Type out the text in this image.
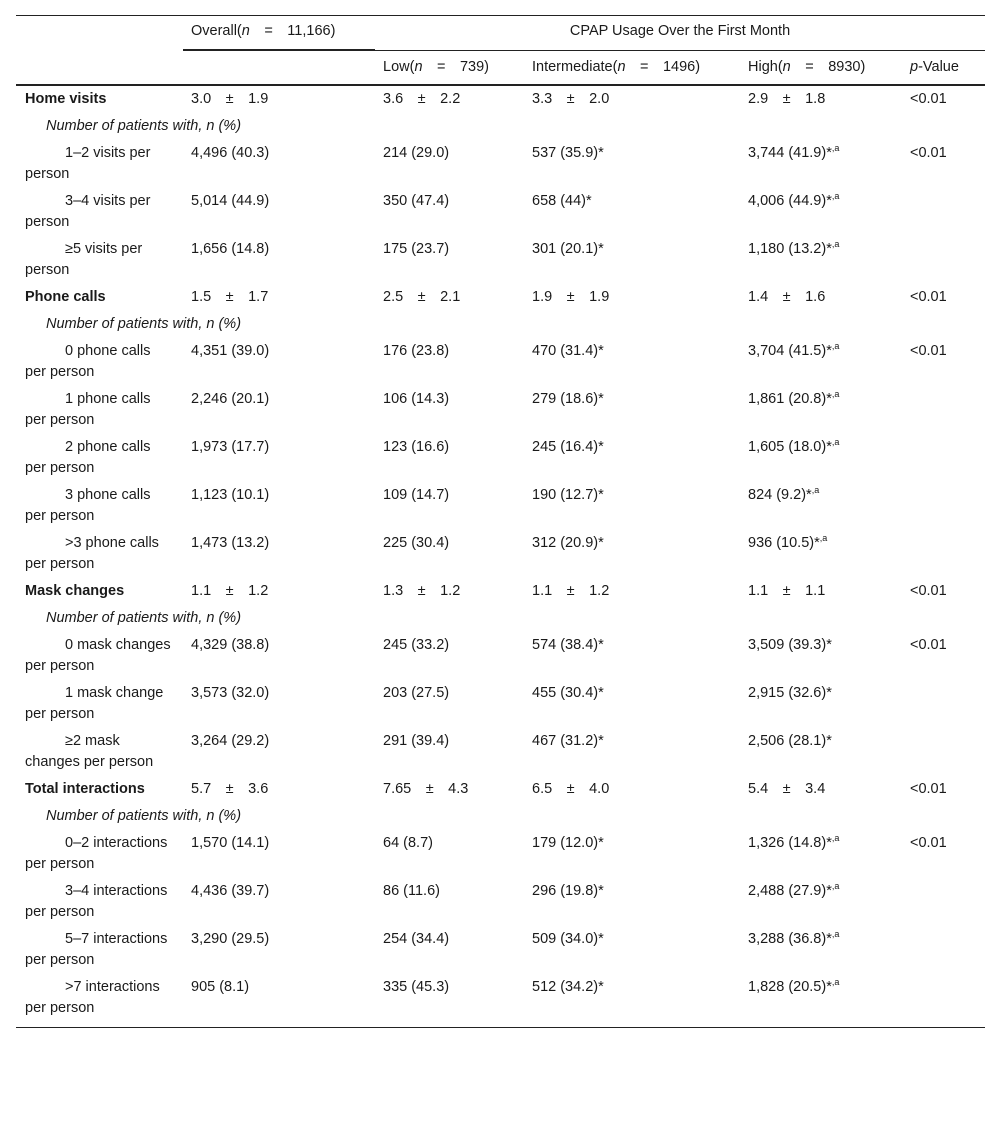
	Overall(n = 11,166)	CPAP Usage Over the First Month			
		Low(n = 739)	Intermediate(n = 1496)	High(n = 8930)	p-Value
Home visits	3.0 ± 1.9	3.6 ± 2.2	3.3 ± 2.0	2.9 ± 1.8	<0.01
Number of patients with, n (%)					
1–2 visits per person	4,496 (40.3)	214 (29.0)	537 (35.9)*	3,744 (41.9)*$^{,a}$	<0.01
3–4 visits per person	5,014 (44.9)	350 (47.4)	658 (44)*	4,006 (44.9)*$^{,a}$	
≥5 visits per person	1,656 (14.8)	175 (23.7)	301 (20.1)*	1,180 (13.2)*$^{,a}$	
Phone calls	1.5 ± 1.7	2.5 ± 2.1	1.9 ± 1.9	1.4 ± 1.6	<0.01
Number of patients with, n (%)					
0 phone calls per person	4,351 (39.0)	176 (23.8)	470 (31.4)*	3,704 (41.5)*$^{,a}$	<0.01
1 phone calls per person	2,246 (20.1)	106 (14.3)	279 (18.6)*	1,861 (20.8)*$^{,a}$	
2 phone calls per person	1,973 (17.7)	123 (16.6)	245 (16.4)*	1,605 (18.0)*$^{,a}$	
3 phone calls per person	1,123 (10.1)	109 (14.7)	190 (12.7)*	824 (9.2)*$^{,a}$	
>3 phone calls per person	1,473 (13.2)	225 (30.4)	312 (20.9)*	936 (10.5)*$^{,a}$	
Mask changes	1.1 ± 1.2	1.3 ± 1.2	1.1 ± 1.2	1.1 ± 1.1	<0.01
Number of patients with, n (%)					
0 mask changes per person	4,329 (38.8)	245 (33.2)	574 (38.4)*	3,509 (39.3)*	<0.01
1 mask change per person	3,573 (32.0)	203 (27.5)	455 (30.4)*	2,915 (32.6)*	
≥2 mask changes per person	3,264 (29.2)	291 (39.4)	467 (31.2)*	2,506 (28.1)*	
Total interactions	5.7 ± 3.6	7.65 ± 4.3	6.5 ± 4.0	5.4 ± 3.4	<0.01
Number of patients with, n (%)					
0–2 interactions per person	1,570 (14.1)	64 (8.7)	179 (12.0)*	1,326 (14.8)*$^{,a}$	<0.01
3–4 interactions per person	4,436 (39.7)	86 (11.6)	296 (19.8)*	2,488 (27.9)*$^{,a}$	
5–7 interactions per person	3,290 (29.5)	254 (34.4)	509 (34.0)*	3,288 (36.8)*$^{,a}$	
>7 interactions per person	905 (8.1)	335 (45.3)	512 (34.2)*	1,828 (20.5)*$^{,a}$	
